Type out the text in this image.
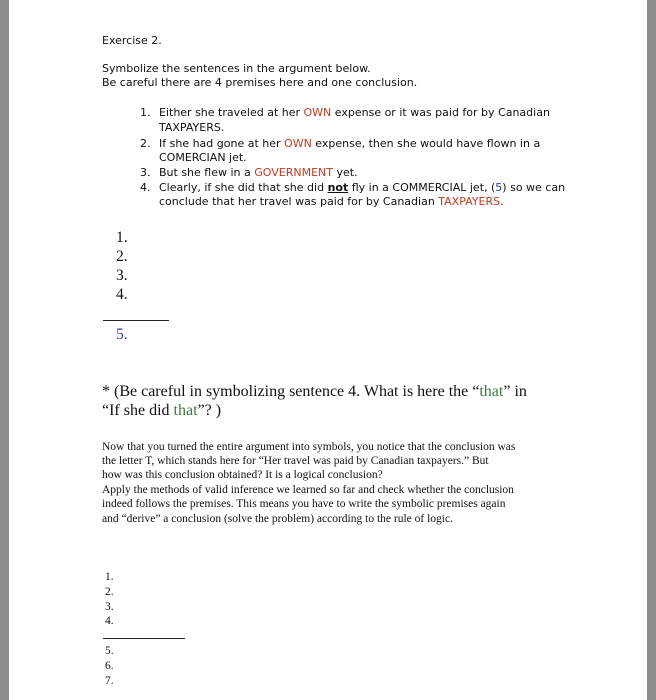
Exercise 2.
Symbolize the sentences in the argument below.
Be careful there are 4 premises here and one conclusion.
1. Either she traveled at her OWN expense or it was paid for by Canadian
TAXPAYERS.
2. If she had gone at her OWN expense, then she would have flown in a
COMERCIAN jet.
3. But she flew in a GOVERNMENT yet.
4. Clearly, if she did that she did not fly in a COMMERCIAL jet, (5) so we can
conclude that her travel was paid for by Canadian TAXPAYERS.
1.
2.
3.
4.
5.
* (Be careful in symbolizing sentence 4. What is here the “that” in
“If she did that”? )
Now that you turned the entire argument into symbols, you notice that the conclusion was
the letter T, which stands here for “Her travel was paid by Canadian taxpayers.” But
how was this conclusion obtained? It is a logical conclusion?
Apply the methods of valid inference we learned so far and check whether the conclusion
indeed follows the premises. This means you have to write the symbolic premises again
and “derive” a conclusion (solve the problem) according to the rule of logic.
1.
2.
3.
4.
5.
6.
7.
